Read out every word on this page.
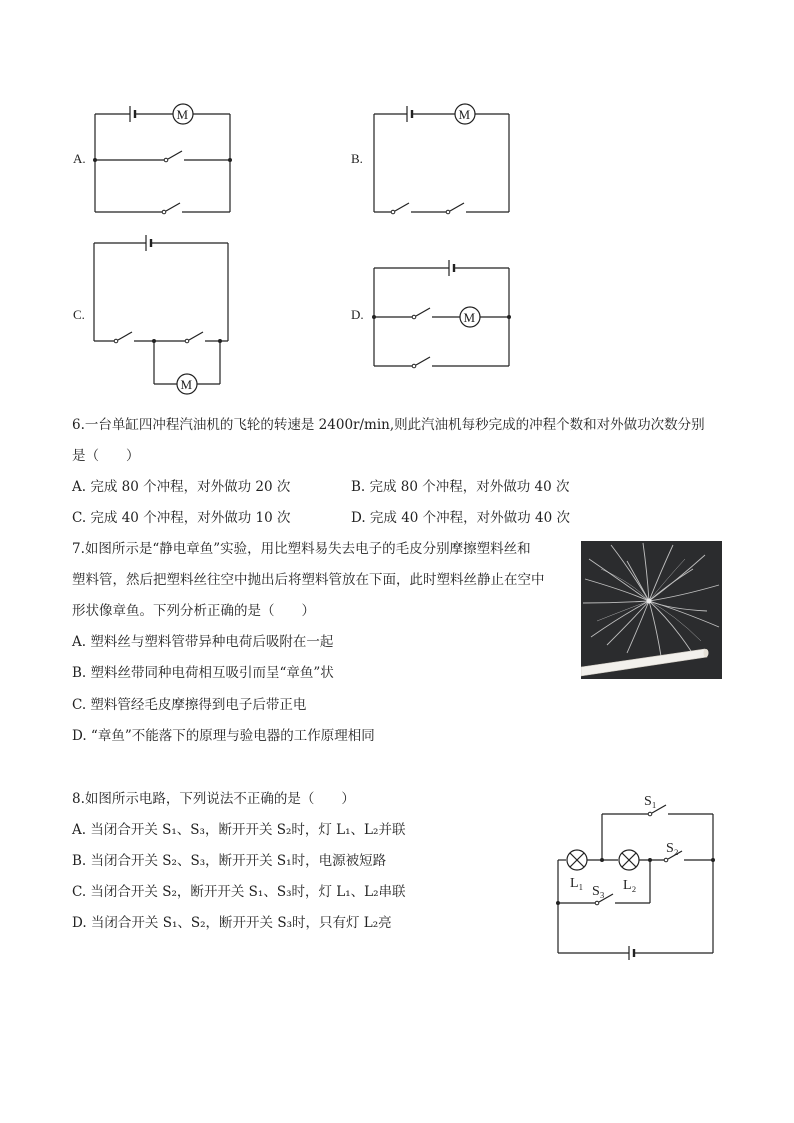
A.	B.
C.	D.
M	M
M
M
6.一台单缸四冲程汽油机的飞轮的转速是 2400r/min,则此汽油机每秒完成的冲程个数和对外做功次数分别
是（　　）
A. 完成 80 个冲程，对外做功 20 次	B. 完成 80 个冲程，对外做功 40 次
C. 完成 40 个冲程，对外做功 10 次	D. 完成 40 个冲程，对外做功 40 次
7.如图所示是“静电章鱼”实验，用比塑料易失去电子的毛皮分别摩擦塑料丝和
塑料管，然后把塑料丝往空中抛出后将塑料管放在下面，此时塑料丝静止在空中
形状像章鱼。下列分析正确的是（　　）
A. 塑料丝与塑料管带异种电荷后吸附在一起
B. 塑料丝带同种电荷相互吸引而呈“章鱼”状
C. 塑料管经毛皮摩擦得到电子后带正电
D. “章鱼”不能落下的原理与验电器的工作原理相同
8.如图所示电路，下列说法不正确的是（　　）
A. 当闭合开关 S₁、S₃，断开开关 S₂时，灯 L₁、L₂并联
B. 当闭合开关 S₂、S₃，断开开关 S₁时，电源被短路
C. 当闭合开关 S₂，断开开关 S₁、S₃时，灯 L₁、L₂串联
D. 当闭合开关 S₁、S₂，断开开关 S₃时，只有灯 L₂亮
S₁
S₂
L₁	L₂
S₃
